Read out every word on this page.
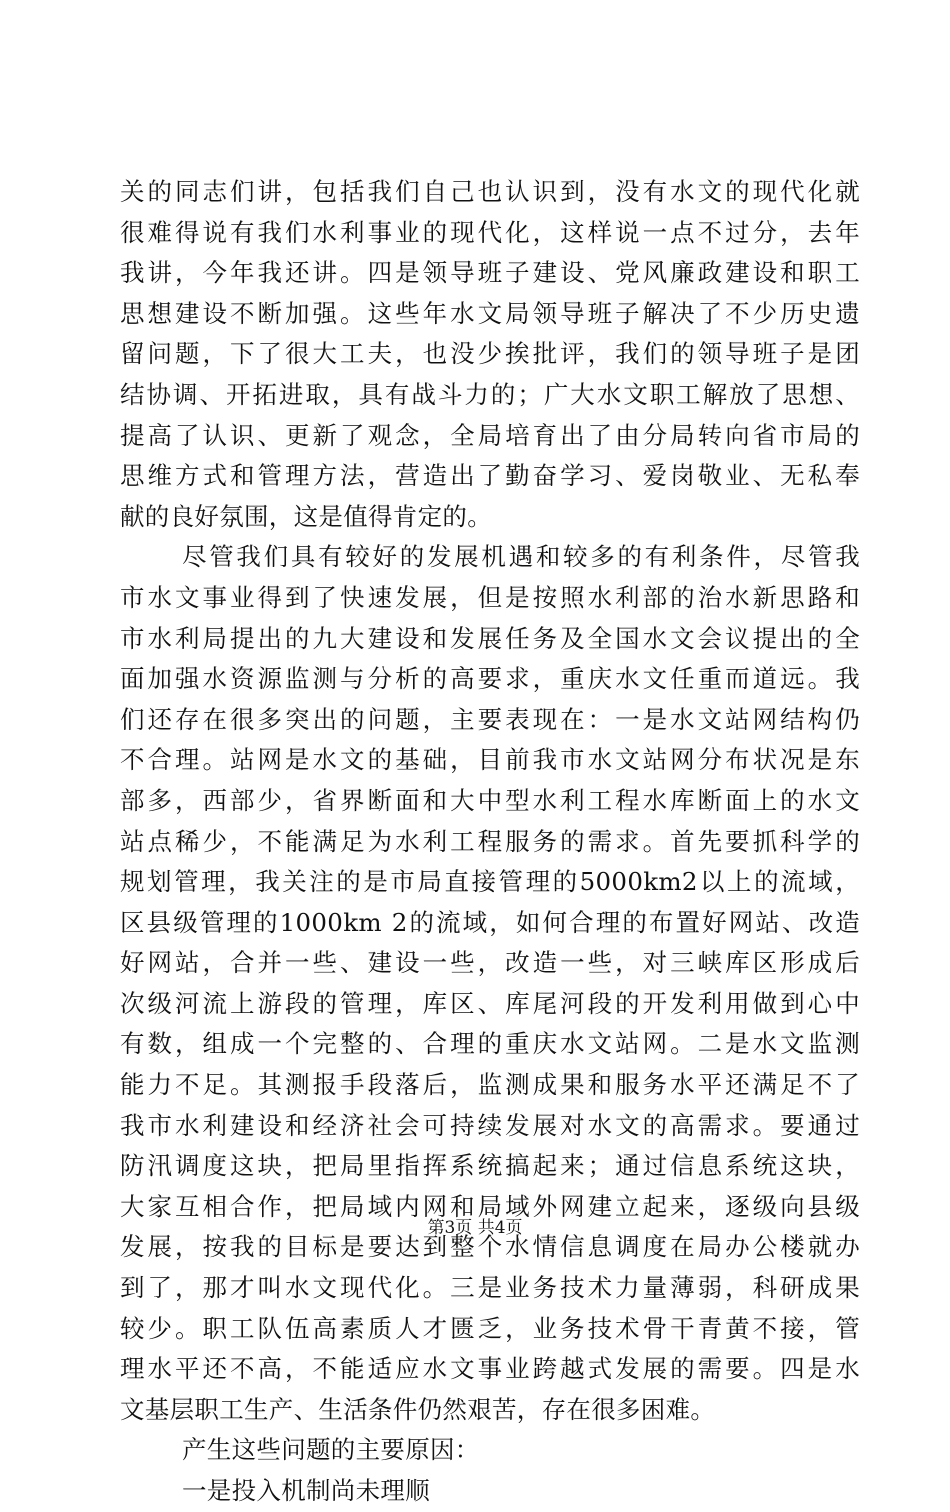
关的同志们讲，包括我们自己也认识到，没有水文的现代化就
很难得说有我们水利事业的现代化，这样说一点不过分，去年
我讲，今年我还讲。四是领导班子建设、党风廉政建设和职工
思想建设不断加强。这些年水文局领导班子解决了不少历史遗
留问题，下了很大工夫，也没少挨批评，我们的领导班子是团
结协调、开拓进取，具有战斗力的；广大水文职工解放了思想、
提高了认识、更新了观念，全局培育出了由分局转向省市局的
思维方式和管理方法，营造出了勤奋学习、爱岗敬业、无私奉
献的良好氛围，这是值得肯定的。
尽管我们具有较好的发展机遇和较多的有利条件，尽管我
市水文事业得到了快速发展，但是按照水利部的治水新思路和
市水利局提出的九大建设和发展任务及全国水文会议提出的全
面加强水资源监测与分析的高要求，重庆水文任重而道远。我
们还存在很多突出的问题，主要表现在：一是水文站网结构仍
不合理。站网是水文的基础，目前我市水文站网分布状况是东
部多，西部少，省界断面和大中型水利工程水库断面上的水文
站点稀少，不能满足为水利工程服务的需求。首先要抓科学的
规划管理，我关注的是市局直接管理的5000km2以上的流域，
区县级管理的1000km 2的流域，如何合理的布置好网站、改造
好网站，合并一些、建设一些，改造一些，对三峡库区形成后
次级河流上游段的管理，库区、库尾河段的开发利用做到心中
有数，组成一个完整的、合理的重庆水文站网。二是水文监测
能力不足。其测报手段落后，监测成果和服务水平还满足不了
我市水利建设和经济社会可持续发展对水文的高需求。要通过
防汛调度这块，把局里指挥系统搞起来；通过信息系统这块，
大家互相合作，把局域内网和局域外网建立起来，逐级向县级
发展，按我的目标是要达到整个水情信息调度在局办公楼就办
到了，那才叫水文现代化。三是业务技术力量薄弱，科研成果
较少。职工队伍高素质人才匮乏，业务技术骨干青黄不接，管
理水平还不高，不能适应水文事业跨越式发展的需要。四是水
文基层职工生产、生活条件仍然艰苦，存在很多困难。
产生这些问题的主要原因：
一是投入机制尚未理顺
第3页 共4页
